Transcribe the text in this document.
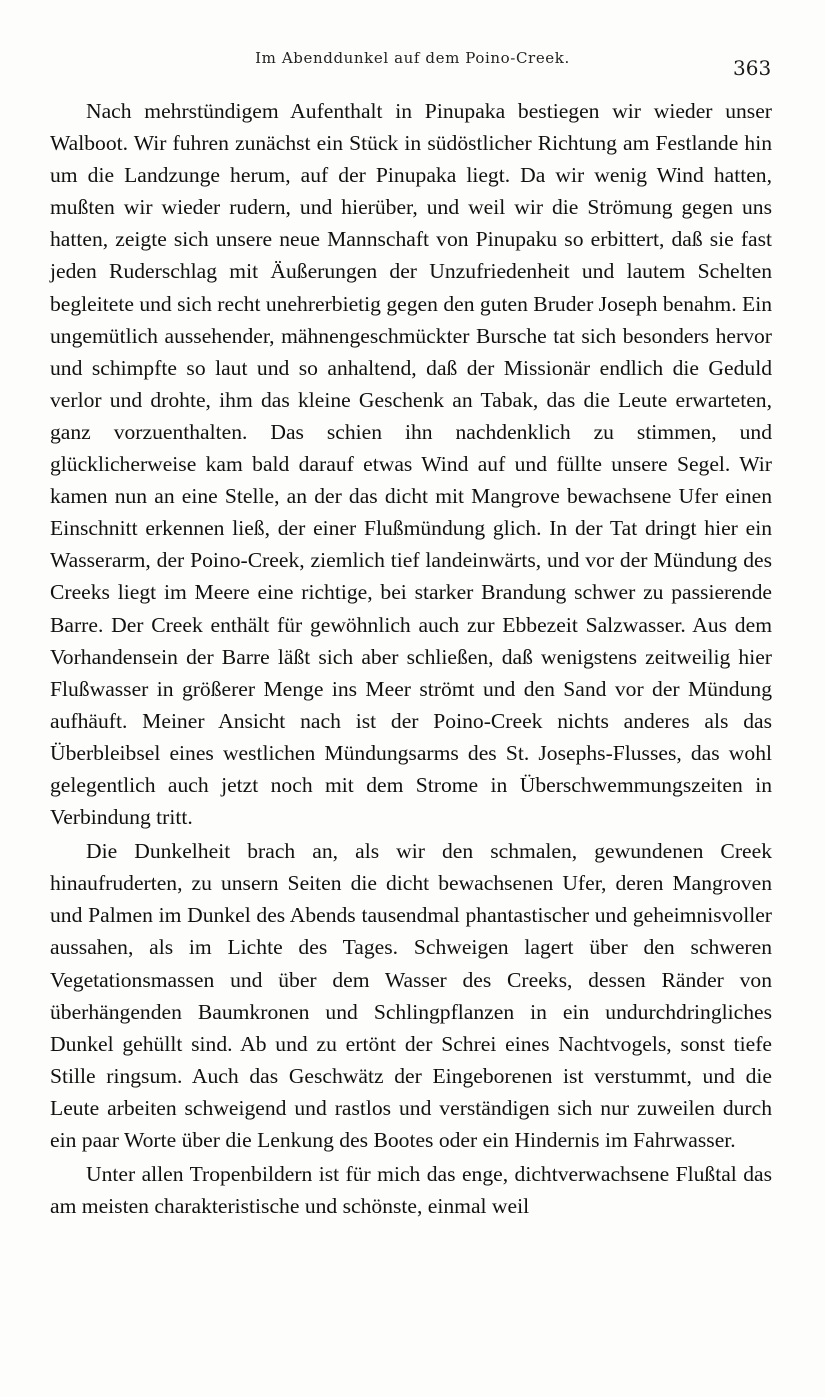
Im Abenddunkel auf dem Poino-Creek.	363

Nach mehrstündigem Aufenthalt in Pinupaka bestiegen wir wieder unser Walboot. Wir fuhren zunächst ein Stück in südöstlicher Richtung am Festlande hin um die Landzunge herum, auf der Pinupaka liegt. Da wir wenig Wind hatten, mußten wir wieder rudern, und hierüber, und weil wir die Strömung gegen uns hatten, zeigte sich unsere neue Mannschaft von Pinupaku so erbittert, daß sie fast jeden Ruderschlag mit Äußerungen der Unzufriedenheit und lautem Schelten begleitete und sich recht unehrerbietig gegen den guten Bruder Joseph benahm. Ein ungemütlich aussehender, mähnengeschmückter Bursche tat sich besonders hervor und schimpfte so laut und so anhaltend, daß der Missionär endlich die Geduld verlor und drohte, ihm das kleine Geschenk an Tabak, das die Leute erwarteten, ganz vorzuenthalten. Das schien ihn nachdenklich zu stimmen, und glücklicherweise kam bald darauf etwas Wind auf und füllte unsere Segel. Wir kamen nun an eine Stelle, an der das dicht mit Mangrove bewachsene Ufer einen Einschnitt erkennen ließ, der einer Flußmündung glich. In der Tat dringt hier ein Wasserarm, der Poino-Creek, ziemlich tief landeinwärts, und vor der Mündung des Creeks liegt im Meere eine richtige, bei starker Brandung schwer zu passierende Barre. Der Creek enthält für gewöhnlich auch zur Ebbezeit Salzwasser. Aus dem Vorhandensein der Barre läßt sich aber schließen, daß wenigstens zeitweilig hier Flußwasser in größerer Menge ins Meer strömt und den Sand vor der Mündung aufhäuft. Meiner Ansicht nach ist der Poino-Creek nichts anderes als das Überbleibsel eines westlichen Mündungsarms des St. Josephs-Flusses, das wohl gelegentlich auch jetzt noch mit dem Strome in Überschwemmungszeiten in Verbindung tritt.

Die Dunkelheit brach an, als wir den schmalen, gewundenen Creek hinaufruderten, zu unsern Seiten die dicht bewachsenen Ufer, deren Mangroven und Palmen im Dunkel des Abends tausendmal phantastischer und geheimnisvoller aussahen, als im Lichte des Tages. Schweigen lagert über den schweren Vegetationsmassen und über dem Wasser des Creeks, dessen Ränder von überhängenden Baumkronen und Schlingpflanzen in ein undurchdringliches Dunkel gehüllt sind. Ab und zu ertönt der Schrei eines Nachtvogels, sonst tiefe Stille ringsum. Auch das Geschwätz der Eingeborenen ist verstummt, und die Leute arbeiten schweigend und rastlos und verständigen sich nur zuweilen durch ein paar Worte über die Lenkung des Bootes oder ein Hindernis im Fahrwasser.

Unter allen Tropenbildern ist für mich das enge, dichtverwachsene Flußtal das am meisten charakteristische und schönste, einmal weil
